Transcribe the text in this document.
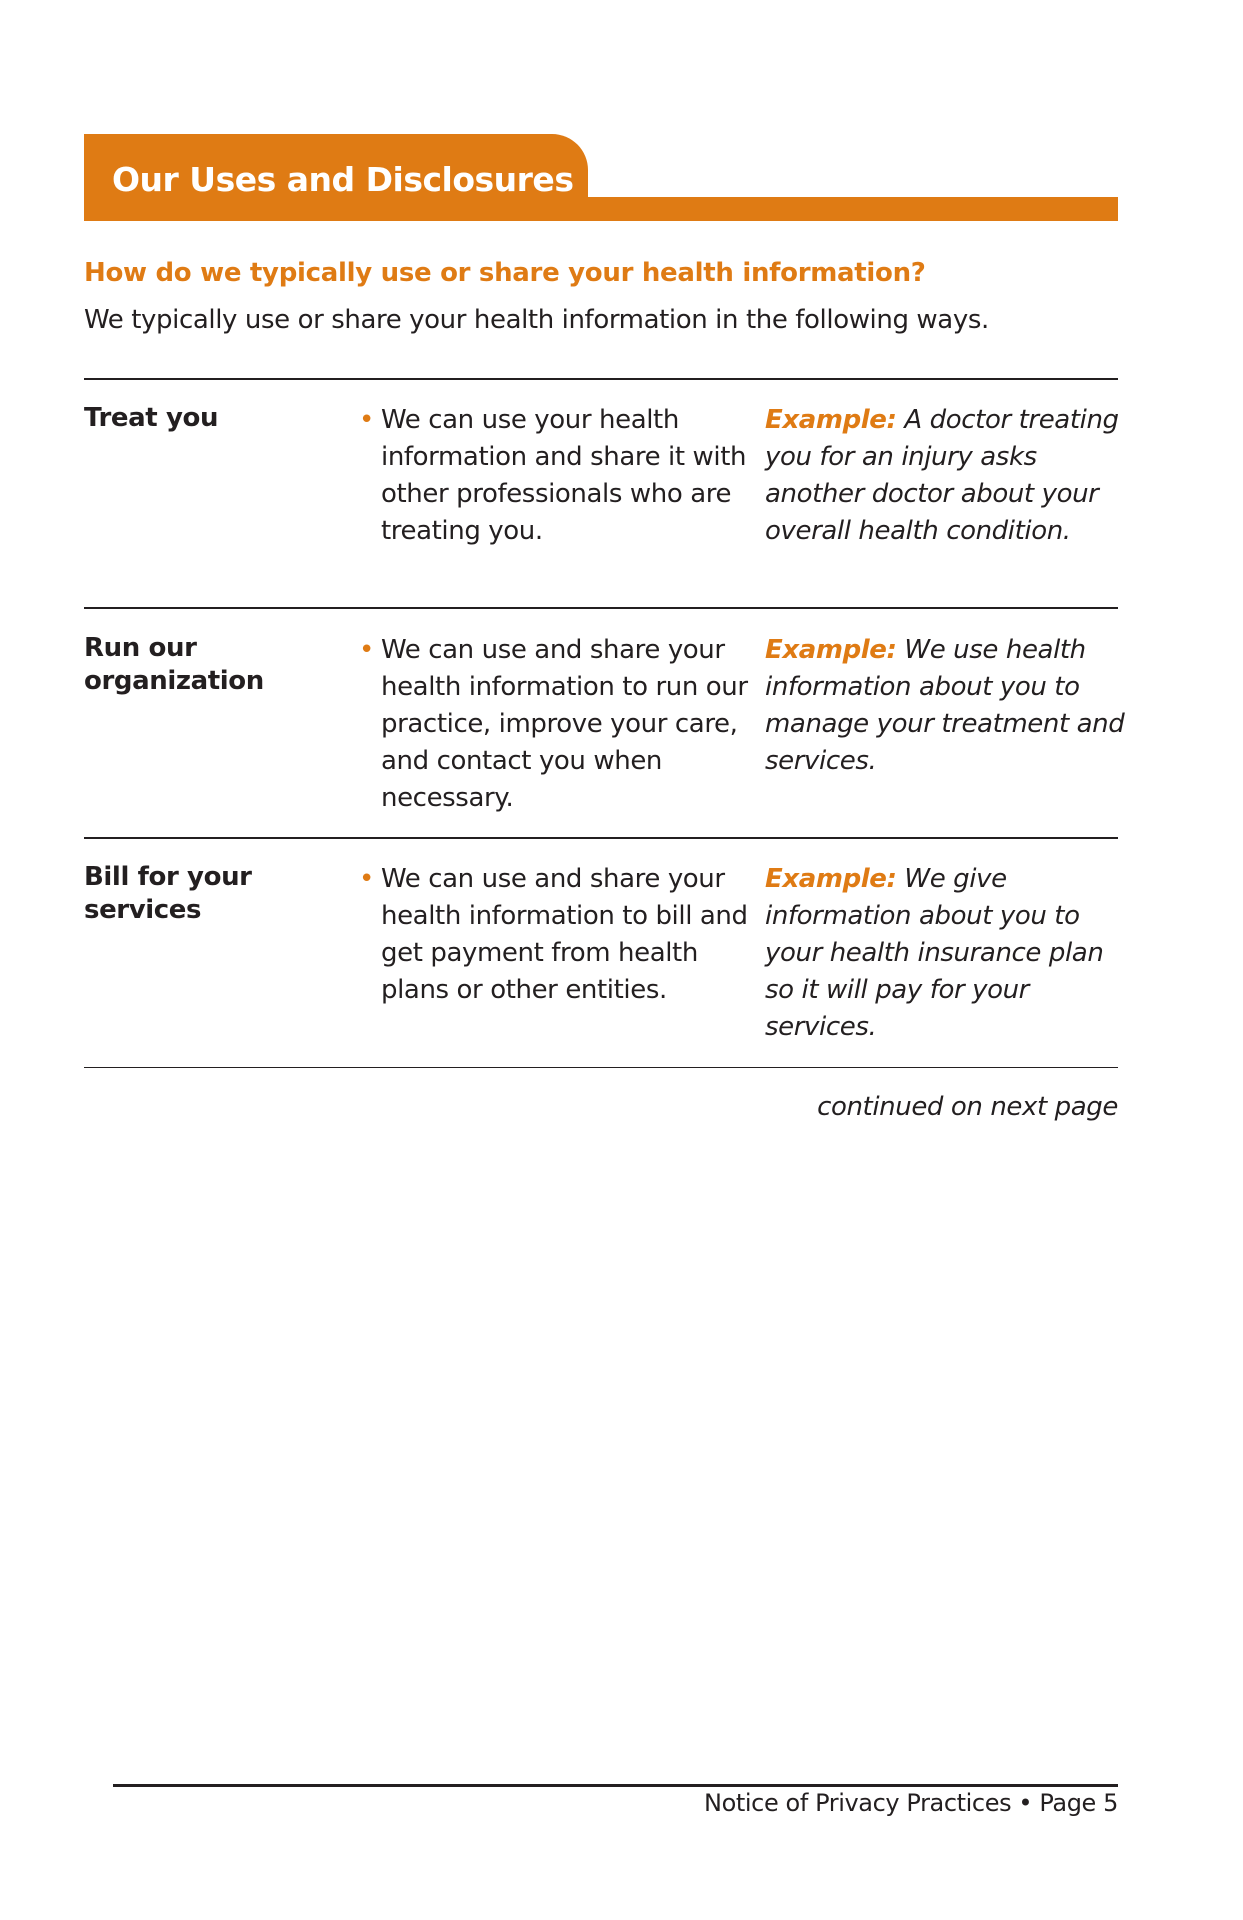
Our Uses and Disclosures
How do we typically use or share your health information?
We typically use or share your health information in the following ways.
Treat you	• We can use your health information and share it with other professionals who are treating you.
Example: A doctor treating you for an injury asks another doctor about your overall health condition.
Run our organization
• We can use and share your health information to run our practice, improve your care, and contact you when necessary.
Example: We use health information about you to manage your treatment and services.
Bill for your services
• We can use and share your health information to bill and get payment from health plans or other entities.
Example: We give information about you to your health insurance plan so it will pay for your services.
continued on next page
Notice of Privacy Practices • Page 5
